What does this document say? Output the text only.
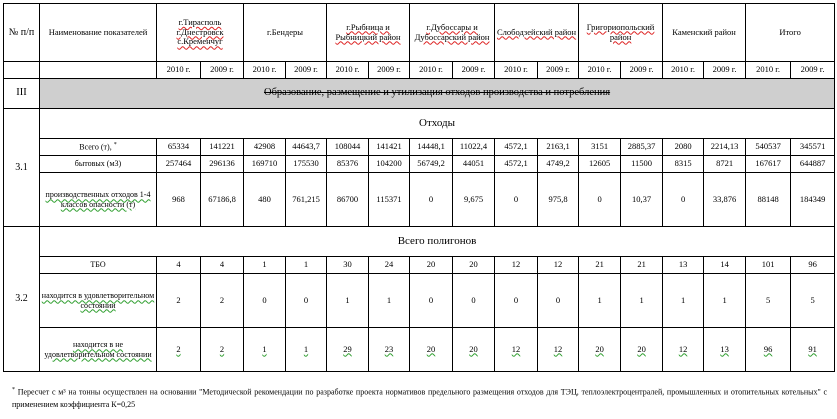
№ п/п	Наименование показателей	г.Тирасполь г.Днестровск с.Кременчуг		г.Бендеры		г.Рыбница и Рыбницкий район		г.Дубоссары и Дубоссарский район		Слободзейский район		Григориопольский район		Каменский район		Итого	
		2010 г.	2009 г.	2010 г.	2009 г.	2010 г.	2009 г.	2010 г.	2009 г.	2010 г.	2009 г.	2010 г.	2009 г.	2010 г.	2009 г.	2010 г.	2009 г.
III	Образование, размещение и утилизация отходов производства и потребления																
3.1	Отходы																
	Всего (т), *	65334	141221	42908	44643,7	108044	141421	14448,1	11022,4	4572,1	2163,1	3151	2885,37	2080	2214,13	540537	345571
	бытовых (м3)	257464	296136	169710	175530	85376	104200	56749,2	44051	4572,1	4749,2	12605	11500	8315	8721	167617	644887
	производственных отходов 1-4 классов опасности (т)	968	67186,8	480	761,215	86700	115371	0	9,675	0	975,8	0	10,37	0	33,876	88148	184349
3.2	Всего полигонов																
	ТБО	4	4	1	1	30	24	20	20	12	12	21	21	13	14	101	96
	находится в удовлетворительном состоянии	2	2	0	0	1	1	0	0	0	0	1	1	1	1	5	5
	находится в не удовлетворительном состоянии	2	2	1	1	29	23	20	20	12	12	20	20	12	13	96	91
* Пересчет с м³ на тонны осуществлен на основании "Методической рекомендации по разработке проекта нормативов предельного размещения отходов для ТЭЦ, теплоэлектроцентралей, промышленных и отопительных котельных" с применением коэффициента К=0,25
